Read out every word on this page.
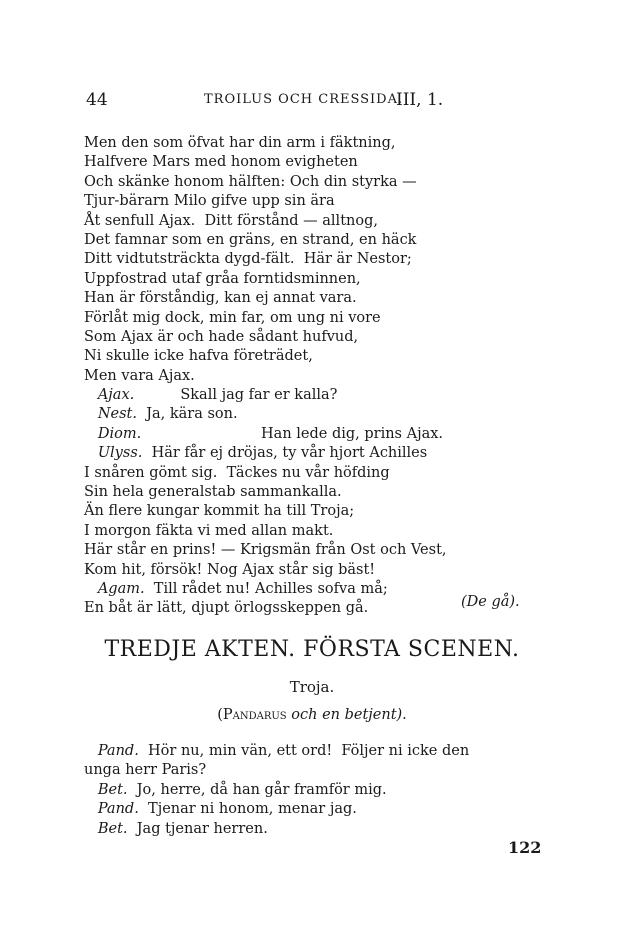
44	TROILUS OCH CRESSIDA.
III, 1.
Men den som öfvat har din arm i fäktning,
Halfvere Mars med honom evigheten
Och skänke honom hälften: Och din styrka —
Tjur-bärarn Milo gifve upp sin ära
Åt senfull Ajax.  Ditt förstånd — alltnog,
Det famnar som en gräns, en strand, en häck
Ditt vidtutsträckta dygd-fält.  Här är Nestor;
Uppfostrad utaf gråa forntidsminnen,
Han är förståndig, kan ej annat vara.
Förlåt mig dock, min far, om ung ni vore
Som Ajax är och hade sådant hufvud,
Ni skulle icke hafva företrädet,
Men vara Ajax.
Ajax.          Skall jag far er kalla?
Nest.  Ja, kära son.
Diom.                          Han lede dig, prins Ajax.
Ulyss.  Här får ej dröjas, ty vår hjort Achilles
I snåren gömt sig.  Täckes nu vår höfding
Sin hela generalstab sammankalla.
Än flere kungar kommit ha till Troja;
I morgon fäkta vi med allan makt.
Här står en prins! — Krigsmän från Ost och Vest,
Kom hit, försök! Nog Ajax står sig bäst!
Agam.  Till rådet nu! Achilles sofva må;
En båt är lätt, djupt örlogsskeppen gå.	(De gå).
TREDJE AKTEN. FÖRSTA SCENEN.
Troja.
(Pandarus och en betjent).
Pand.  Hör nu, min vän, ett ord!  Följer ni icke den
unga herr Paris?
Bet.  Jo, herre, då han går framför mig.
Pand.  Tjenar ni honom, menar jag.
Bet.  Jag tjenar herren.
122
